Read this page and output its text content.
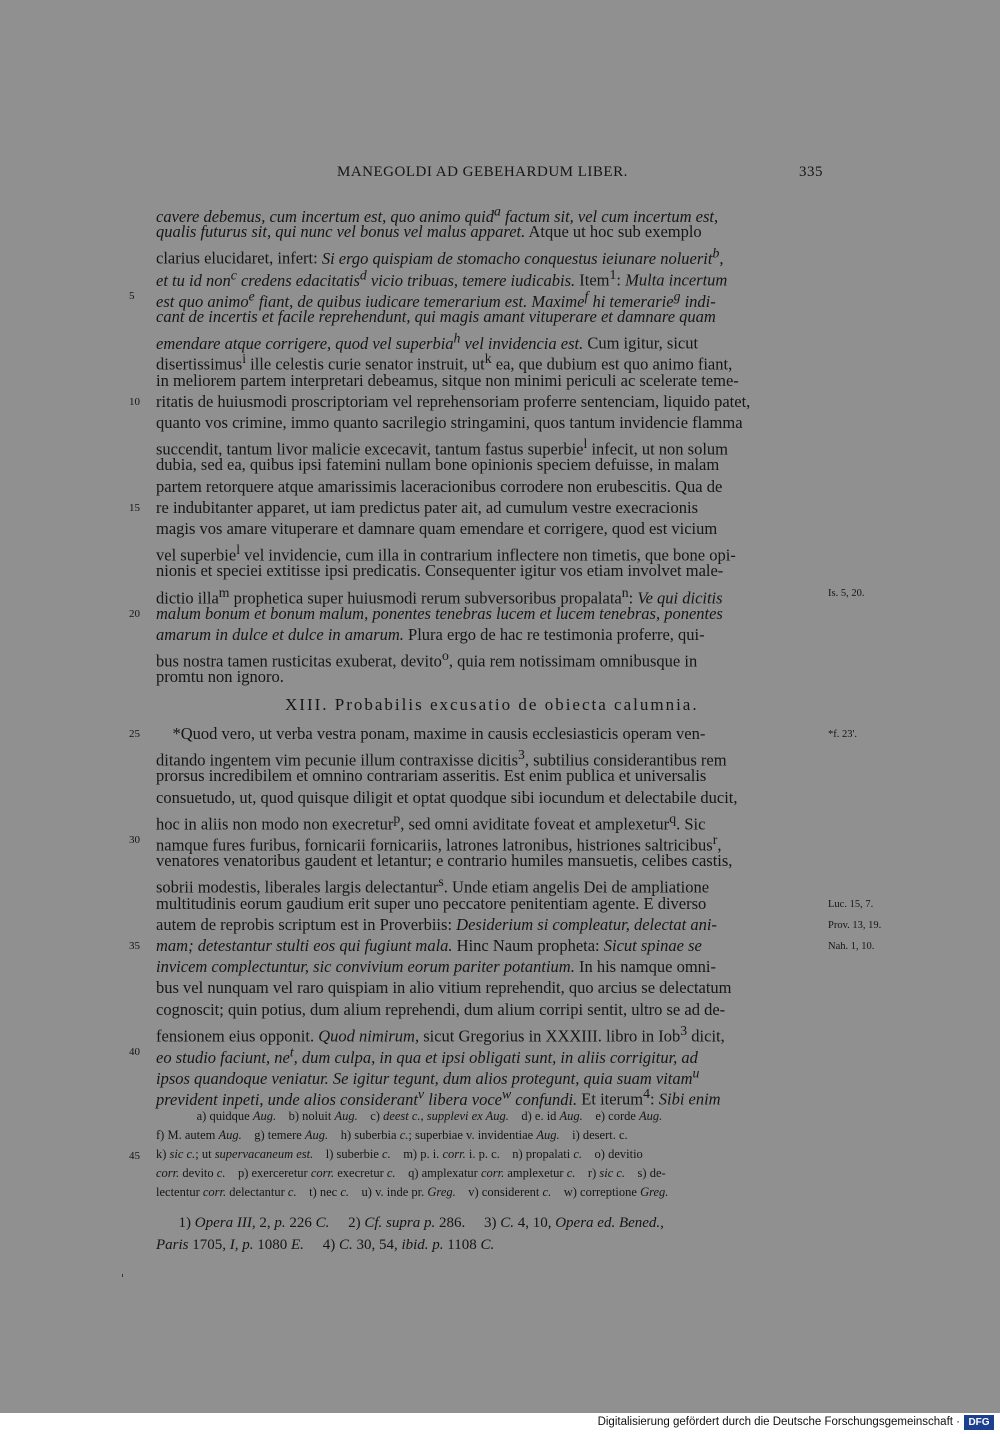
MANEGOLDI AD GEBEHARDUM LIBER.	335
cavere debemus, cum incertum est, quo animo quid$^a$ factum sit, vel cum incertum est,
qualis futurus sit, qui nunc vel bonus vel malus apparet. Atque ut hoc sub exemplo
clarius elucidaret, infert: Si ergo quispiam de stomacho conquestus ieiunare noluerit$^b$,
et tu id non$^c$ credens edacitatis$^d$ vicio tribuas, temere iudicabis. Item$^1$: Multa incertum
est quo animo$^e$ fiant, de quibus iudicare temerarium est. Maxime$^f$ hi temerarie$^g$ indi-
5
cant de incertis et facile reprehendunt, qui magis amant vituperare et damnare quam
emendare atque corrigere, quod vel superbia$^h$ vel invidencia est. Cum igitur, sicut
disertissimus$^i$ ille celestis curie senator instruit, $ut^k$ ea, que dubium est quo animo fiant,
in meliorem partem interpretari debeamus, sitque non minimi periculi ac scelerate teme-
ritatis de huiusmodi proscriptoriam vel reprehensoriam proferre sentenciam, liquido patet,
10
quanto vos crimine, immo quanto sacrilegio stringamini, quos tantum invidencie flamma
succendit, tantum livor malicie excecavit, tantum fastus superbie$^l$ infecit, ut non solum
dubia, sed ea, quibus ipsi fatemini nullam bone opinionis speciem defuisse, in malam
partem retorquere atque amarissimis laceracionibus corrodere non erubescitis. Qua de
re indubitanter apparet, ut iam predictus pater ait, ad cumulum vestre execracionis
15
magis vos amare vituperare et damnare quam emendare et corrigere, quod est vicium
vel superbie$^l$ vel invidencie, cum illa in contrarium inflectere non timetis, que bone opi-
nionis et speciei extitisse ipsi predicatis. Consequenter igitur vos etiam involvet male-
dictio illa$^m$ prophetica super huiusmodi rerum subversoribus propalata$^n$: Ve qui dicitis	Is. 5, 20.
malum bonum et bonum malum, ponentes tenebras lucem et lucem tenebras, ponentes
20
amarum in dulce et dulce in amarum. Plura ergo de hac re testimonia proferre, qui-
bus nostra tamen rusticitas exuberat, devito$^o$, quia rem notissimam omnibusque in
promtu non ignoro.
*Quod vero, ut verba vestra ponam, maxime in causis ecclesiasticis operam ven-
25	*f. 23'.
ditando ingentem vim pecunie illum contraxisse dicitis$^3$, subtilius considerantibus rem
prorsus incredibilem et omnino contrariam asseritis. Est enim publica et universalis
consuetudo, ut, quod quisque diligit et optat quodque sibi iocundum et delectabile ducit,
hoc in aliis non modo non execretur$^p$, sed omni aviditate foveat et amplexetur$^q$. Sic
namque fures furibus, fornicarii fornicariis, latrones latronibus, histriones saltricibus$^r$,
30
venatores venatoribus gaudent et letantur; e contrario humiles mansuetis, celibes castis,
sobrii modestis, liberales largis delectantur$^s$. Unde etiam angelis Dei de ampliatione
multitudinis eorum gaudium erit super uno peccatore penitentiam agente. E diverso	Luc. 15, 7.
autem de reprobis scriptum est in Proverbiis: Desiderium si compleatur, delectat ani-	Prov. 13, 19.
mam; detestantur stulti eos qui fugiunt mala. Hinc Naum propheta: Sicut spinae se
35	Nah. 1, 10.
invicem complectuntur, sic convivium eorum pariter potantium. In his namque omni-
bus vel nunquam vel raro quispiam in alio vitium reprehendit, quo arcius se delectatum
cognoscit; quin potius, dum alium reprehendi, dum alium corripi sentit, ultro se ad de-
fensionem eius opponit. Quod nimirum, sicut Gregorius in XXXIII. libro in Iob$^3$ dicit,
eo studio faciunt, $ne^t$, dum culpa, in qua et ipsi obligati sunt, in aliis corrigitur, ad
40
ipsos quandoque veniatur. Se igitur tegunt, dum alios protegunt, quia suam vitam$^u$
prevident inpeti, unde alios considerant$^v$ libera voce$^w$ confundi. Et iterum$^4$: Sibi enim
XIII. Probabilis excusatio de obiecta calumnia.
a) quidque Aug.    b) noluit Aug.    c) deest c., supplevi ex Aug.    d) e. id Aug.    e) corde Aug.
f) M. autem Aug.    g) temere Aug.    h) suberbia c.; superbiae v. invidentiae Aug.    i) desert. c.
k) sic c.; ut supervacaneum est.    l) suberbie c.    m) p. i. corr. i. p. c.    n) propalati c.    o) devitio
45
corr. devito c.    p) exerceretur corr. execretur c.    q) amplexatur corr. amplexetur c.    r) sic c.    s) de-
lectentur corr. delectantur c.    t) nec c.    u) v. inde pr. Greg.    v) considerent c.    w) correptione Greg.
1) Opera III, 2, p. 226 C.     2) Cf. supra p. 286.     3) C. 4, 10, Opera ed. Bened.,
Paris 1705, I, p. 1080 E.     4) C. 30, 54, ibid. p. 1108 C.
Digitalisierung gefördert durch die Deutsche Forschungsgemeinschaft · DFG
